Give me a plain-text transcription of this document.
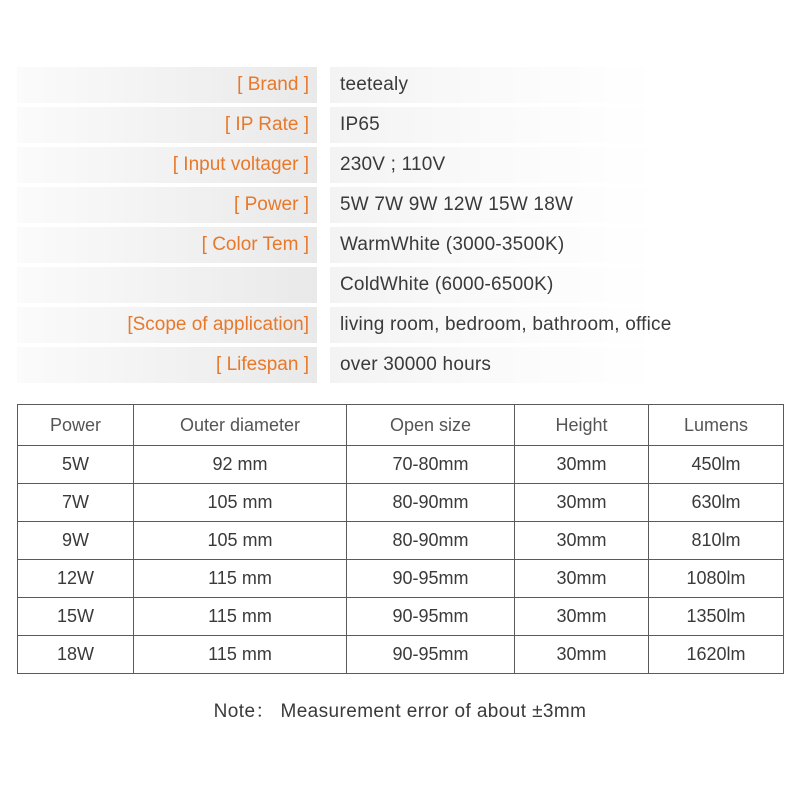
[ Brand ]	teetealy
[ IP Rate ]	IP65
[ Input voltager ]	230V ; 110V
[ Power ]	5W 7W 9W 12W 15W 18W
[ Color Tem ]	WarmWhite (3000-3500K)
ColdWhite (6000-6500K)
[Scope of application]	living room, bedroom, bathroom, office
[ Lifespan ]	over 30000 hours
Power	Outer diameter	Open size	Height	Lumens
5W	92 mm	70-80mm	30mm	450lm
7W	105 mm	80-90mm	30mm	630lm
9W	105 mm	80-90mm	30mm	810lm
12W	115 mm	90-95mm	30mm	1080lm
15W	115 mm	90-95mm	30mm	1350lm
18W	115 mm	90-95mm	30mm	1620lm
Note： Measurement error of about ±3mm
